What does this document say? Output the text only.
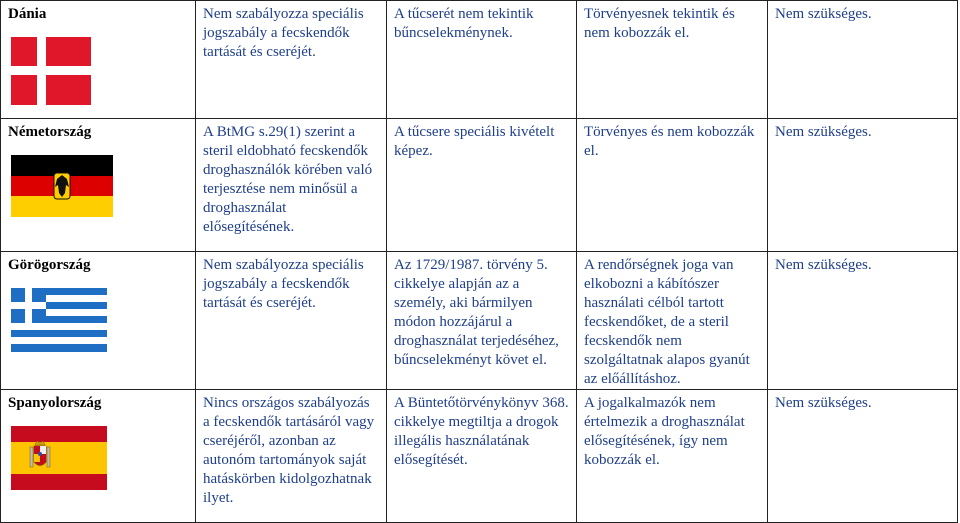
Dánia	Nem szabályozza speciális jogszabály a fecskendők tartását és cseréjét.	A tűcserét nem tekintik bűncselekménynek.	Törvényesnek tekintik és nem kobozzák el.	Nem szükséges.

Németország	A BtMG s.29(1) szerint a steril eldobható fecskendők droghasználók körében való terjesztése nem minősül a droghasználat elősegítésének.	A tűcsere speciális kivételt képez.	Törvényes és nem kobozzák el.	Nem szükséges.

Görögország	Nem szabályozza speciális jogszabály a fecskendők tartását és cseréjét.	Az 1729/1987. törvény 5. cikkelye alapján az a személy, aki bármilyen módon hozzájárul a droghasználat terjedéséhez, bűncselekményt követ el.	A rendőrségnek joga van elkobozni a kábítószer használati célból tartott fecskendőket, de a steril fecskendők nem szolgáltatnak alapos gyanút az előállításhoz.	Nem szükséges.

Spanyolország	Nincs országos szabályozás a fecskendők tartásáról vagy cseréjéről, azonban az autonóm tartományok saját hatáskörben kidolgozhatnak ilyet.	A Büntetőtörvénykönyv 368. cikkelye megtiltja a drogok illegális használatának elősegítését.	A jogalkalmazók nem értelmezik a droghasználat elősegítésének, így nem kobozzák el.	Nem szükséges.
